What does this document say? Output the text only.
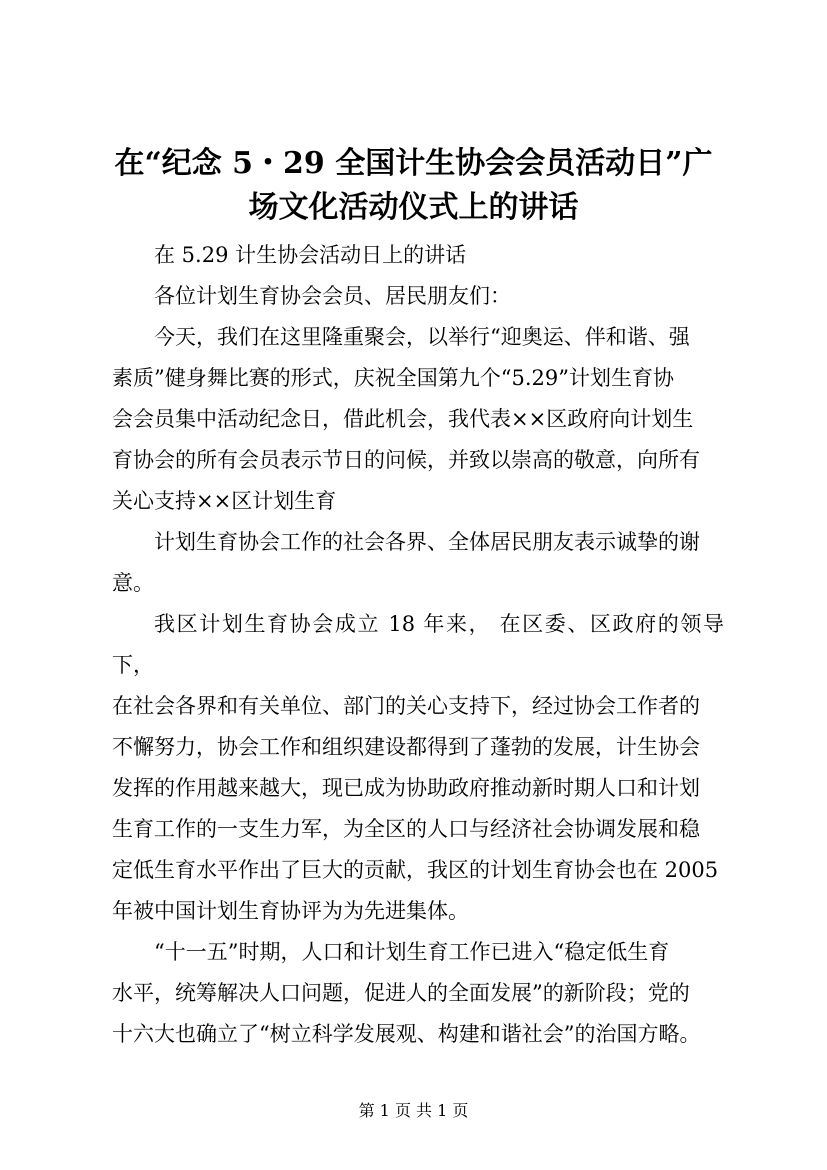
在“纪念 5・29 全国计生协会会员活动日”广
场文化活动仪式上的讲话

在 5.29 计生协会活动日上的讲话

各位计划生育协会会员、居民朋友们：

今天，我们在这里隆重聚会，以举行“迎奥运、伴和谐、强
素质”健身舞比赛的形式，庆祝全国第九个“5.29”计划生育协
会会员集中活动纪念日，借此机会，我代表××区政府向计划生
育协会的所有会员表示节日的问候，并致以崇高的敬意，向所有
关心支持××区计划生育

计划生育协会工作的社会各界、全体居民朋友表示诚挚的谢
意。

我区计划生育协会成立 18 年来， 在区委、区政府的领导下，
在社会各界和有关单位、部门的关心支持下，经过协会工作者的
不懈努力，协会工作和组织建设都得到了蓬勃的发展，计生协会
发挥的作用越来越大，现已成为协助政府推动新时期人口和计划
生育工作的一支生力军，为全区的人口与经济社会协调发展和稳
定低生育水平作出了巨大的贡献，我区的计划生育协会也在 2005
年被中国计划生育协评为为先进集体。

“十一五”时期，人口和计划生育工作已进入“稳定低生育
水平，统筹解决人口问题，促进人的全面发展”的新阶段；党的
十六大也确立了“树立科学发展观、构建和谐社会”的治国方略。

第 1 页 共 1 页
